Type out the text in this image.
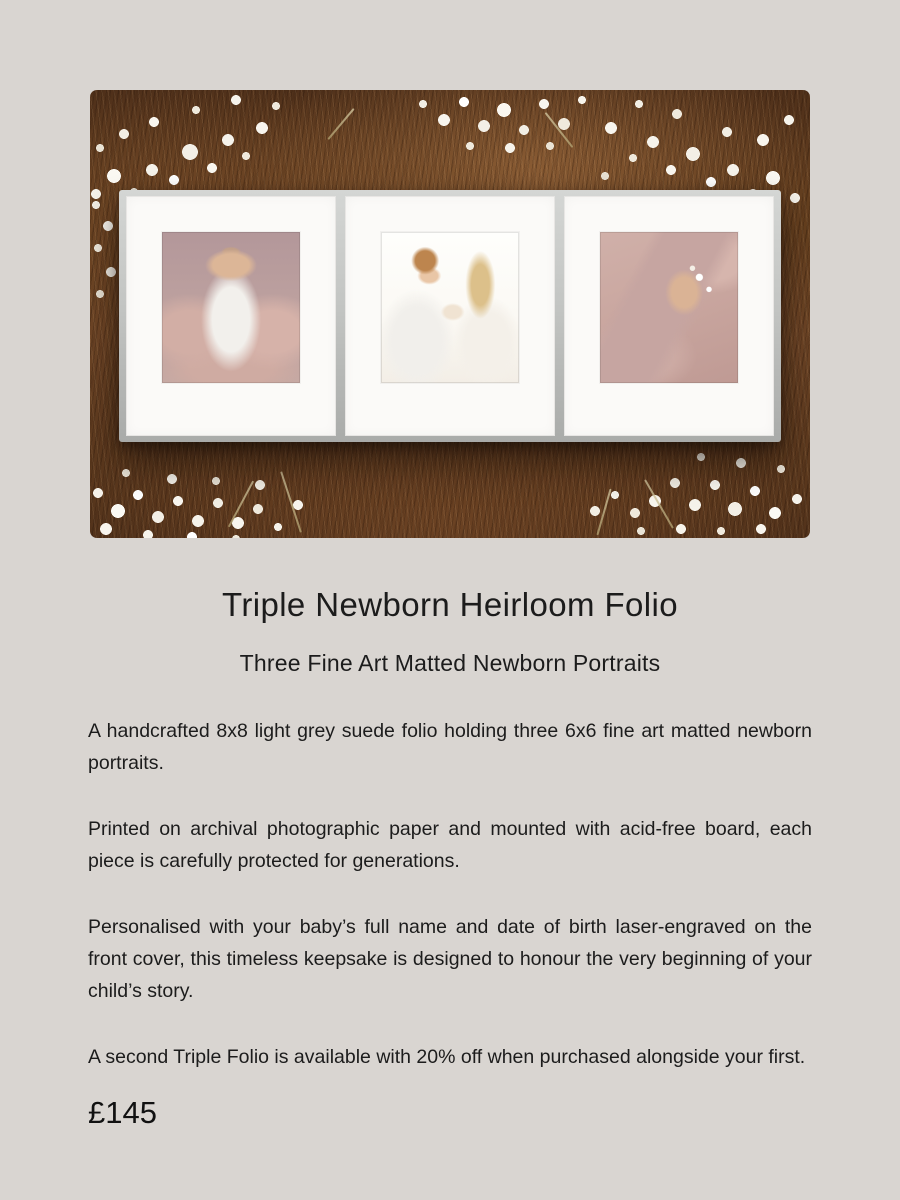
Triple Newborn Heirloom Folio
Three Fine Art Matted Newborn Portraits

A handcrafted 8x8 light grey suede folio holding three 6x6 fine art matted newborn portraits.

Printed on archival photographic paper and mounted with acid-free board, each piece is carefully protected for generations.

Personalised with your baby’s full name and date of birth laser-engraved on the front cover, this timeless keepsake is designed to honour the very beginning of your child’s story.

A second Triple Folio is available with 20% off when purchased alongside your first.

£145
